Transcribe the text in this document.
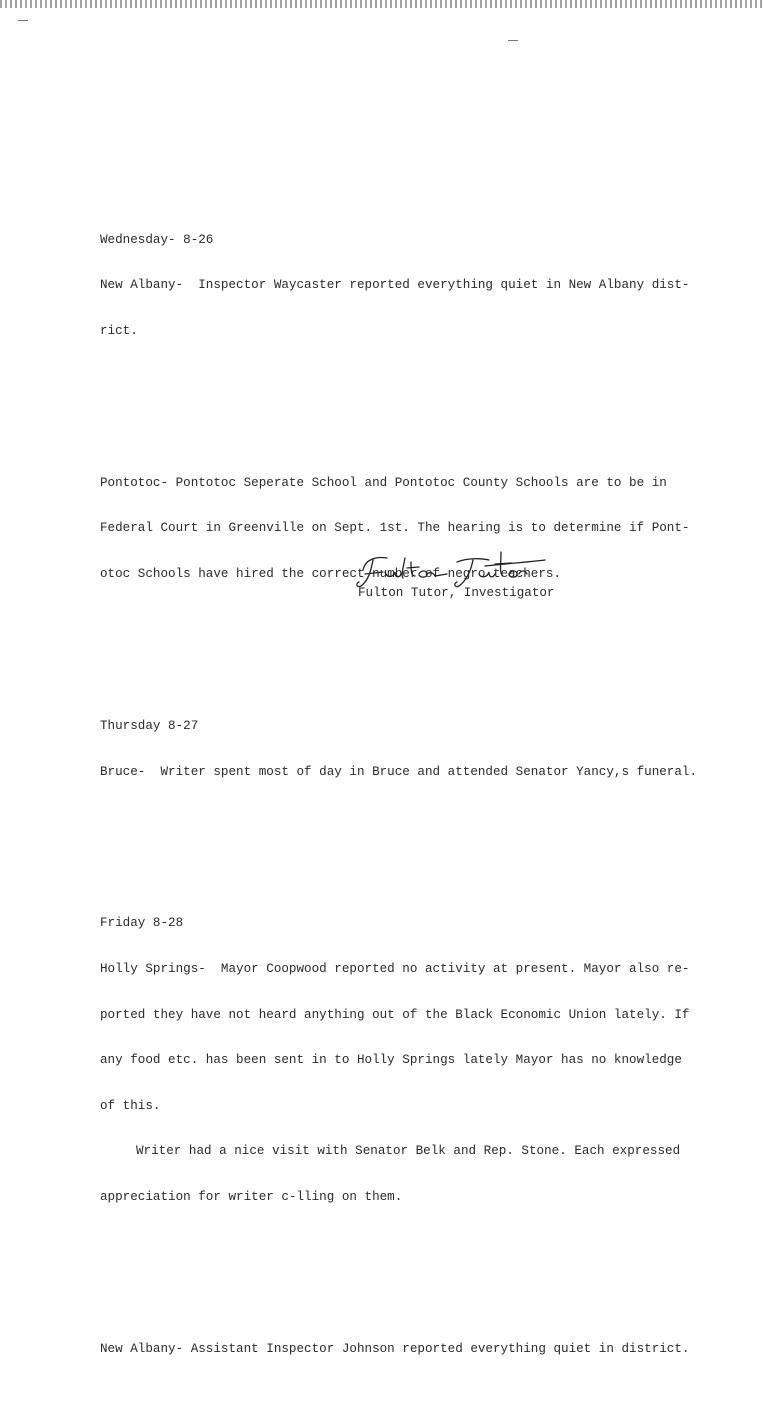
Wednesday- 8-26

New Albany-  Inspector Waycaster reported everything quiet in New Albany dist-

rict.

Pontotoc- Pontotoc Seperate School and Pontotoc County Schools are to be in

Federal Court in Greenville on Sept. 1st. The hearing is to determine if Pont-

otoc Schools have hired the correct number of negro teachers.

Thursday 8-27

Bruce-  Writer spent most of day in Bruce and attended Senator Yancy,s funeral.

Friday 8-28

Holly Springs-  Mayor Coopwood reported no activity at present. Mayor also re-

ported they have not heard anything out of the Black Economic Union lately. If

any food etc. has been sent in to Holly Springs lately Mayor has no knowledge

of this.

Writer had a nice visit with Senator Belk and Rep. Stone. Each expressed

appreciation for writer c-lling on them.

New Albany- Assistant Inspector Johnson reported everything quiet in district.

Fulton Tutor, Investigator
